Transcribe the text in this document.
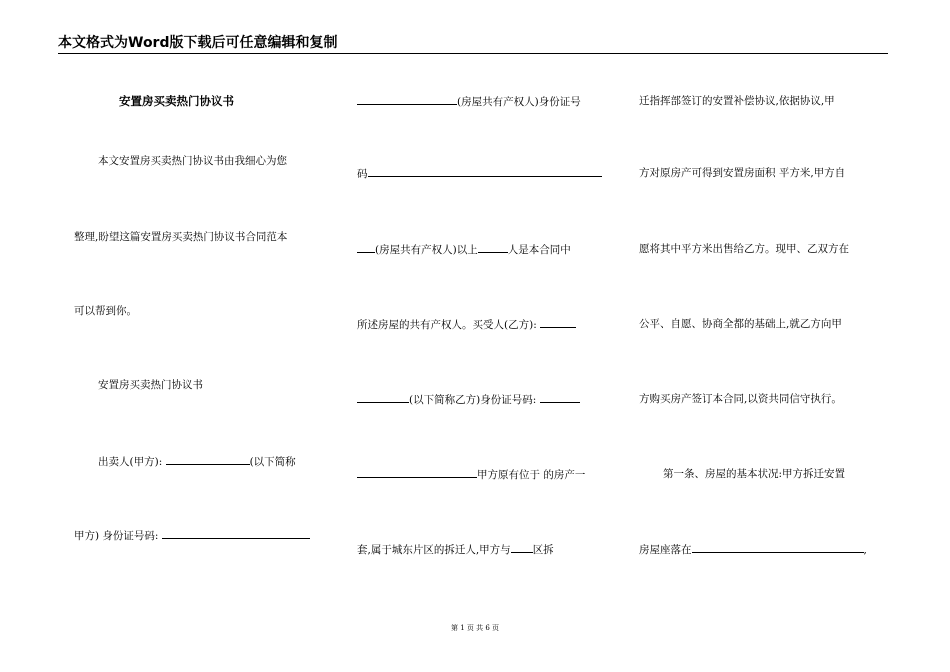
本文格式为Word版下载后可任意编辑和复制
安置房买卖热门协议书
本文安置房买卖热门协议书由我细心为您
整理,盼望这篇安置房买卖热门协议书合同范本
可以帮到你。
安置房买卖热门协议书
出卖人(甲方):	(以下简称
甲方) 身份证号码:
(房屋共有产权人)身份证号
码
(房屋共有产权人)以上	人是本合同中
所述房屋的共有产权人。买受人(乙方):
(以下简称乙方)身份证号码:
甲方原有位于 的房产一
套,属于城东片区的拆迁人,甲方与 区拆
迁指挥部签订的安置补偿协议,依据协议,甲
方对原房产可得到安置房面积 平方米,甲方自
愿将其中平方米出售给乙方。现甲、乙双方在
公平、自愿、协商全都的基础上,就乙方向甲
方购买房产签订本合同,以资共同信守执行。
第一条、房屋的基本状况:甲方拆迁安置
房屋座落在	,
第 1 页 共 6 页
